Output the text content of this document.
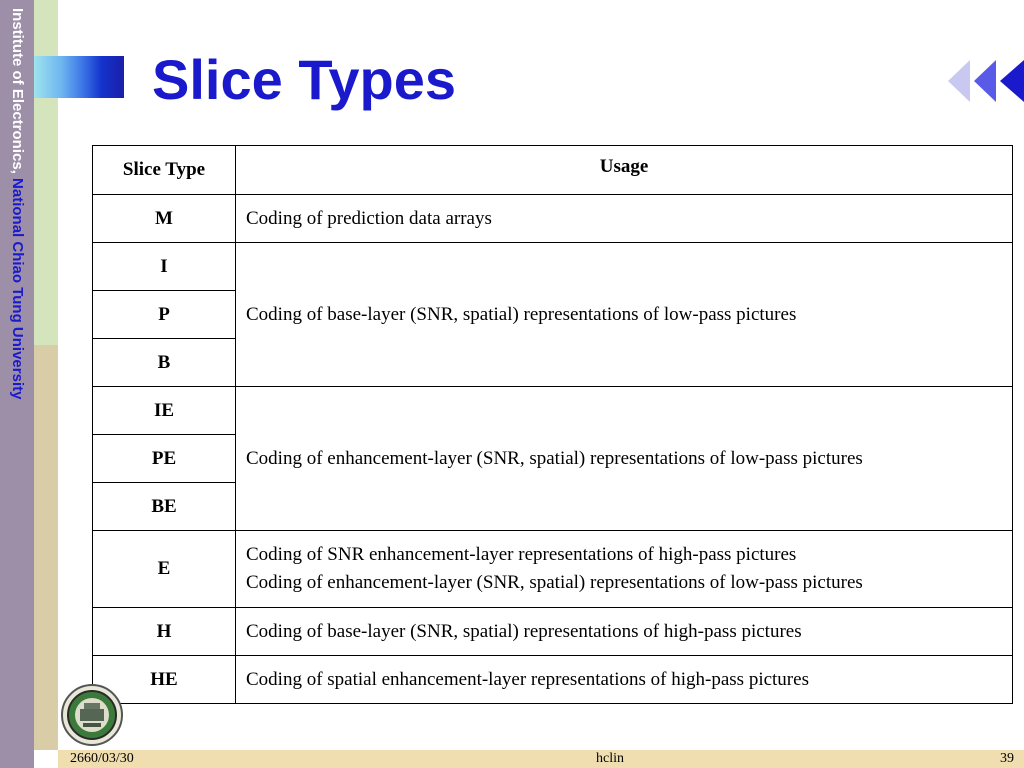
Institute of Electronics, National Chiao Tung University
Slice Types
Slice Type	Usage
M	Coding of prediction data arrays
I	Coding of base-layer (SNR, spatial) representations of low-pass pictures
P	
B	
IE	Coding of enhancement-layer (SNR, spatial) representations of low-pass pictures
PE	
BE	
E	Coding of SNR enhancement-layer representations of high-pass pictures
Coding of enhancement-layer (SNR, spatial) representations of low-pass pictures

H	Coding of base-layer (SNR, spatial) representations of high-pass pictures
HE	Coding of spatial enhancement-layer representations of high-pass pictures
2660/03/30	hclin	39
